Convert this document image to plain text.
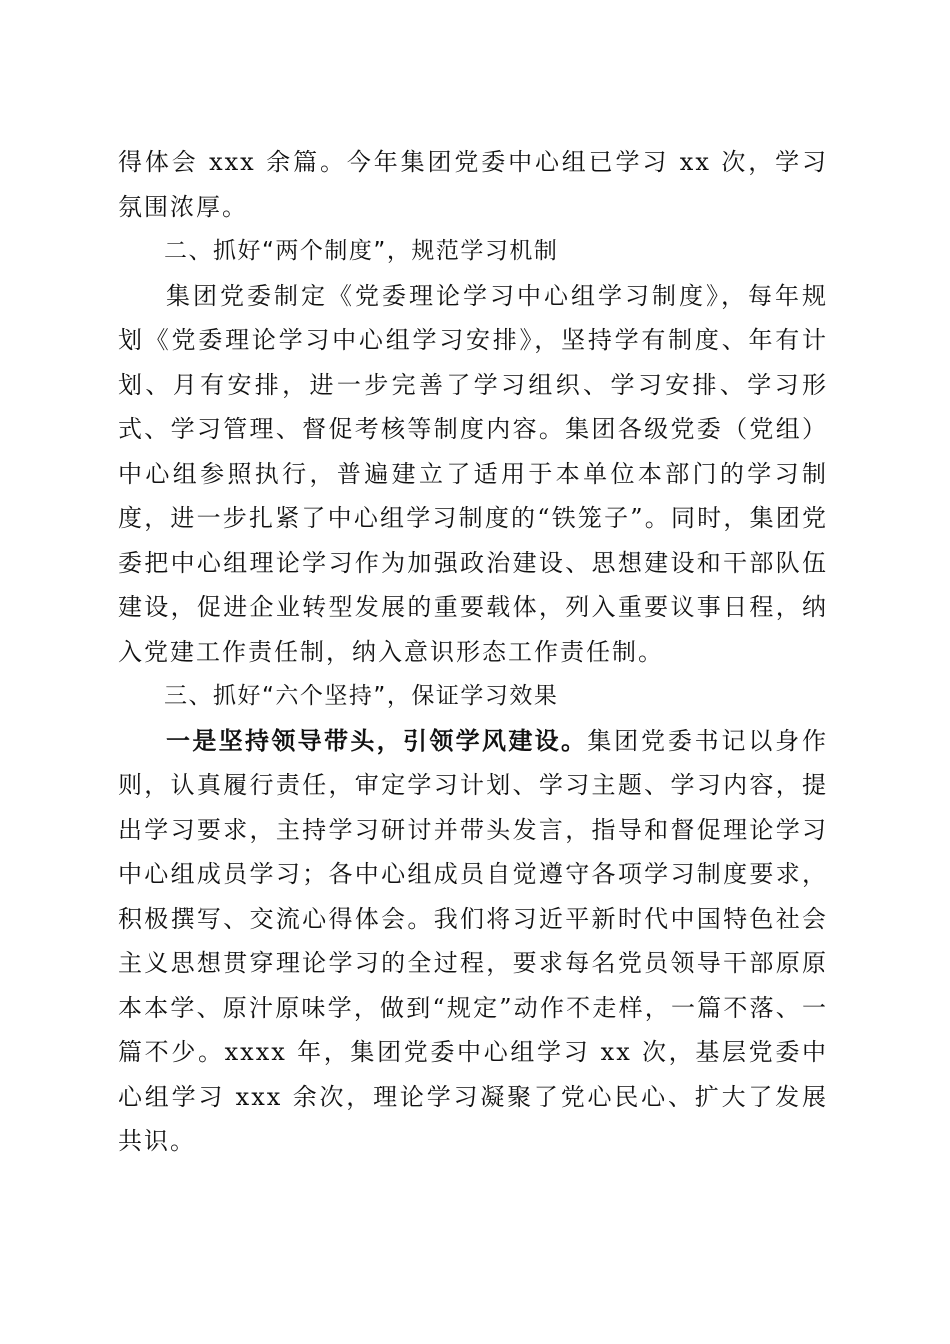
得体会 xxx 余篇。今年集团党委中心组已学习 xx 次，学习氛围浓厚。

二、抓好“两个制度”，规范学习机制

集团党委制定《党委理论学习中心组学习制度》，每年规划《党委理论学习中心组学习安排》，坚持学有制度、年有计划、月有安排，进一步完善了学习组织、学习安排、学习形式、学习管理、督促考核等制度内容。集团各级党委（党组）中心组参照执行，普遍建立了适用于本单位本部门的学习制度，进一步扎紧了中心组学习制度的“铁笼子”。同时，集团党委把中心组理论学习作为加强政治建设、思想建设和干部队伍建设，促进企业转型发展的重要载体，列入重要议事日程，纳入党建工作责任制，纳入意识形态工作责任制。

三、抓好“六个坚持”，保证学习效果

一是坚持领导带头，引领学风建设。集团党委书记以身作则，认真履行责任，审定学习计划、学习主题、学习内容，提出学习要求，主持学习研讨并带头发言，指导和督促理论学习中心组成员学习；各中心组成员自觉遵守各项学习制度要求，积极撰写、交流心得体会。我们将习近平新时代中国特色社会主义思想贯穿理论学习的全过程，要求每名党员领导干部原原本本学、原汁原味学，做到“规定”动作不走样，一篇不落、一篇不少。xxxx 年，集团党委中心组学习 xx 次，基层党委中心组学习 xxx 余次，理论学习凝聚了党心民心、扩大了发展共识。
